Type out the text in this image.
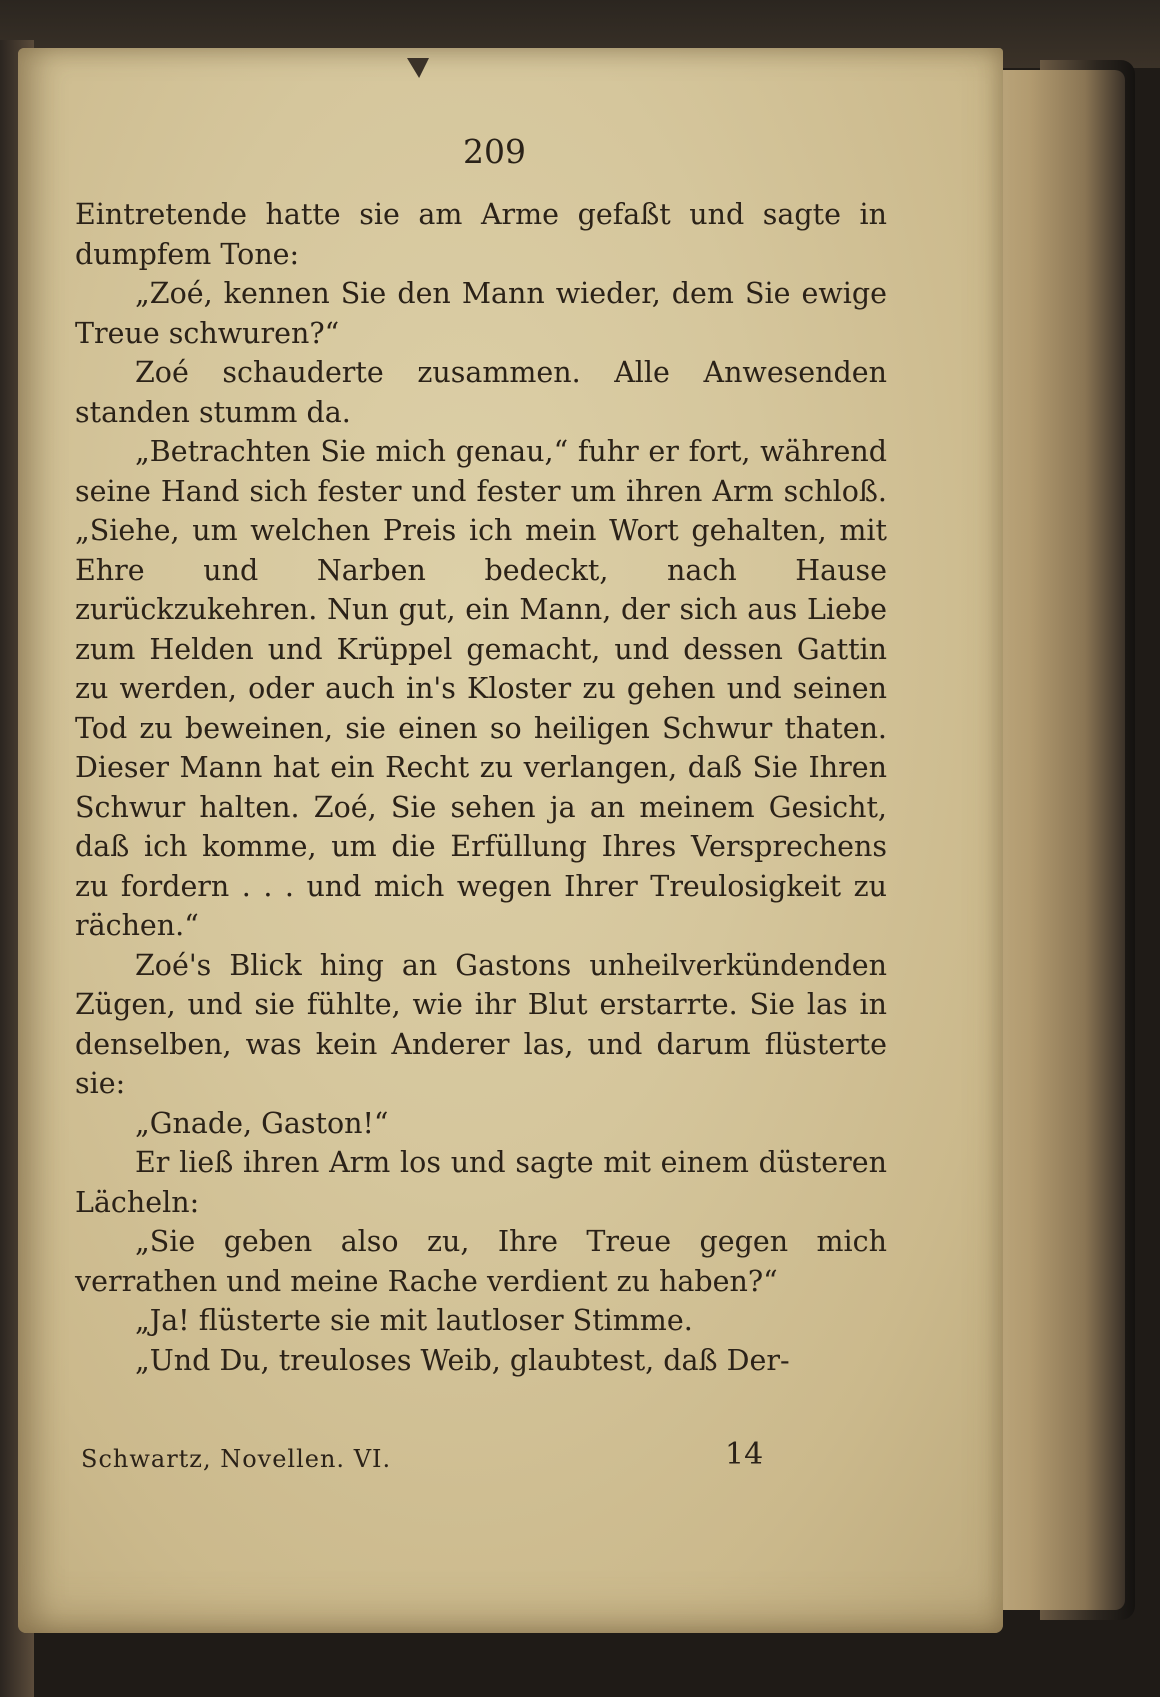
209

Eintretende hatte sie am Arme gefaßt und sagte in dumpfem Tone:

„Zoé, kennen Sie den Mann wieder, dem Sie ewige Treue schwuren?“

Zoé schauderte zusammen. Alle Anwesenden standen stumm da.

„Betrachten Sie mich genau,“ fuhr er fort, während seine Hand sich fester und fester um ihren Arm schloß. „Siehe, um welchen Preis ich mein Wort gehalten, mit Ehre und Narben bedeckt, nach Hause zurückzukehren. Nun gut, ein Mann, der sich aus Liebe zum Helden und Krüppel gemacht, und dessen Gattin zu werden, oder auch in's Kloster zu gehen und seinen Tod zu beweinen, sie einen so heiligen Schwur thaten. Dieser Mann hat ein Recht zu verlangen, daß Sie Ihren Schwur halten. Zoé, Sie sehen ja an meinem Gesicht, daß ich komme, um die Erfüllung Ihres Versprechens zu fordern . . . und mich wegen Ihrer Treulosigkeit zu rächen.“

Zoé's Blick hing an Gastons unheilverkündenden Zügen, und sie fühlte, wie ihr Blut erstarrte. Sie las in denselben, was kein Anderer las, und darum flüsterte sie:

„Gnade, Gaston!“

Er ließ ihren Arm los und sagte mit einem düsteren Lächeln:

„Sie geben also zu, Ihre Treue gegen mich verrathen und meine Rache verdient zu haben?“

„Ja! flüsterte sie mit lautloser Stimme.

„Und Du, treuloses Weib, glaubtest, daß Der-

Schwartz, Novellen. VI.	14
